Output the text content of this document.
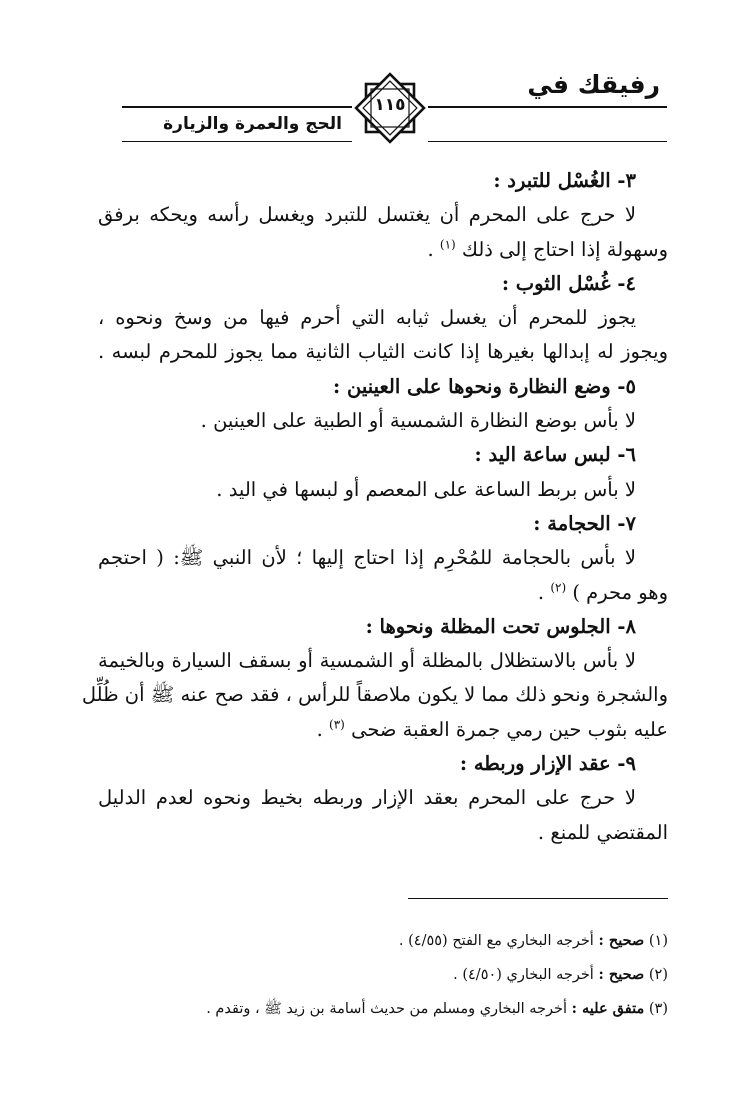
رفيقك في
الحج والعمرة والزيارة
١١٥
٣- الغُسْل للتبرد :
لا حرج على المحرم أن يغتسل للتبرد ويغسل رأسه ويحكه برفق
وسهولة إذا احتاج إلى ذلك $^{(١)}$ .
٤- غُسْل الثوب :
يجوز للمحرم أن يغسل ثيابه التي أحرم فيها من وسخ ونحوه ،
ويجوز له إبدالها بغيرها إذا كانت الثياب الثانية مما يجوز للمحرم لبسه .
٥- وضع النظارة ونحوها على العينين :
لا بأس بوضع النظارة الشمسية أو الطبية على العينين .
٦- لبس ساعة اليد :
لا بأس بربط الساعة على المعصم أو لبسها في اليد .
٧- الحجامة :
لا بأس بالحجامة للمُحْرِم إذا احتاج إليها ؛ لأن النبي ﷺ: ( احتجم
وهو محرم ) $^{(٢)}$ .
٨- الجلوس تحت المظلة ونحوها :
لا بأس بالاستظلال بالمظلة أو الشمسية أو بسقف السيارة وبالخيمة
والشجرة ونحو ذلك مما لا يكون ملاصقاً للرأس ، فقد صح عنه ﷺ أن ظُلِّل
عليه بثوب حين رمي جمرة العقبة ضحى $^{(٣)}$ .
٩- عقد الإزار وربطه :
لا حرج على المحرم بعقد الإزار وربطه بخيط ونحوه لعدم الدليل
المقتضي للمنع .
(١) صحيح : أخرجه البخاري مع الفتح (٤/٥٥) .
(٢) صحيح : أخرجه البخاري (٤/٥٠) .
(٣) متفق عليه : أخرجه البخاري ومسلم من حديث أسامة بن زيد ﷺ ، وتقدم .
